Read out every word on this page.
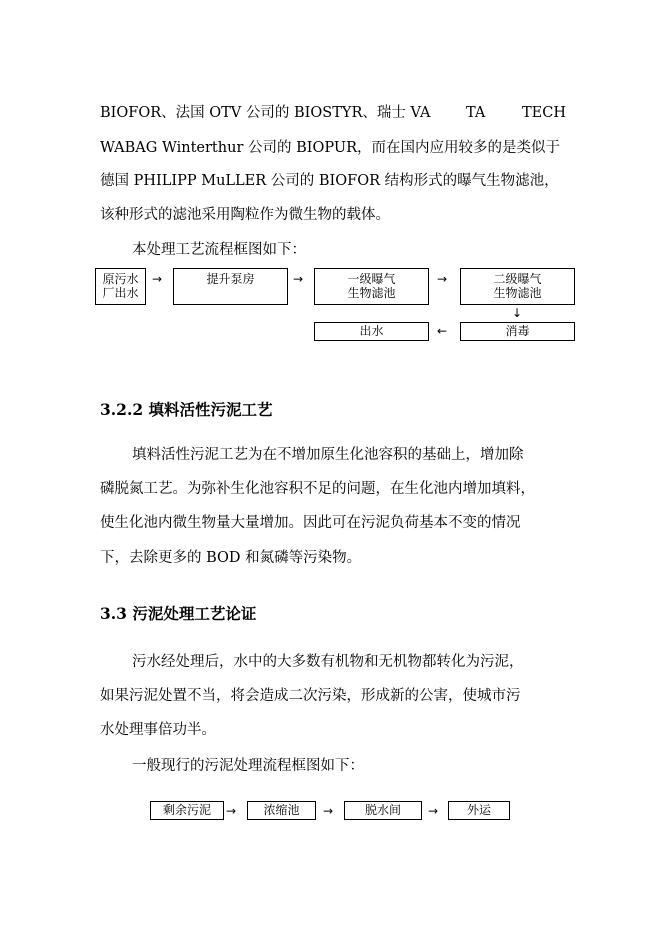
BIOFOR、法国 OTV 公司的 BIOSTYR、瑞士 VA TA	TECH
WABAG Winterthur 公司的 BIOPUR，而在国内应用较多的是类似于
德国 PHILIPP MuLLER 公司的 BIOFOR 结构形式的曝气生物滤池，
该种形式的滤池采用陶粒作为微生物的载体。
本处理工艺流程框图如下：
原污水
厂出水
→	提升泵房	→	一级曝气
生物滤池
→	二级曝气
生物滤池
↓
消毒
←
出水
3.2.2 填料活性污泥工艺
填料活性污泥工艺为在不增加原生化池容积的基础上，增加除
磷脱氮工艺。为弥补生化池容积不足的问题，在生化池内增加填料，
使生化池内微生物量大量增加。因此可在污泥负荷基本不变的情况
下，去除更多的 BOD 和氮磷等污染物。
3.3 污泥处理工艺论证
污水经处理后，水中的大多数有机物和无机物都转化为污泥，
如果污泥处置不当，将会造成二次污染，形成新的公害，使城市污
水处理事倍功半。
一般现行的污泥处理流程框图如下：
剩余污泥	→	浓缩池	→	脱水间	→	外运
